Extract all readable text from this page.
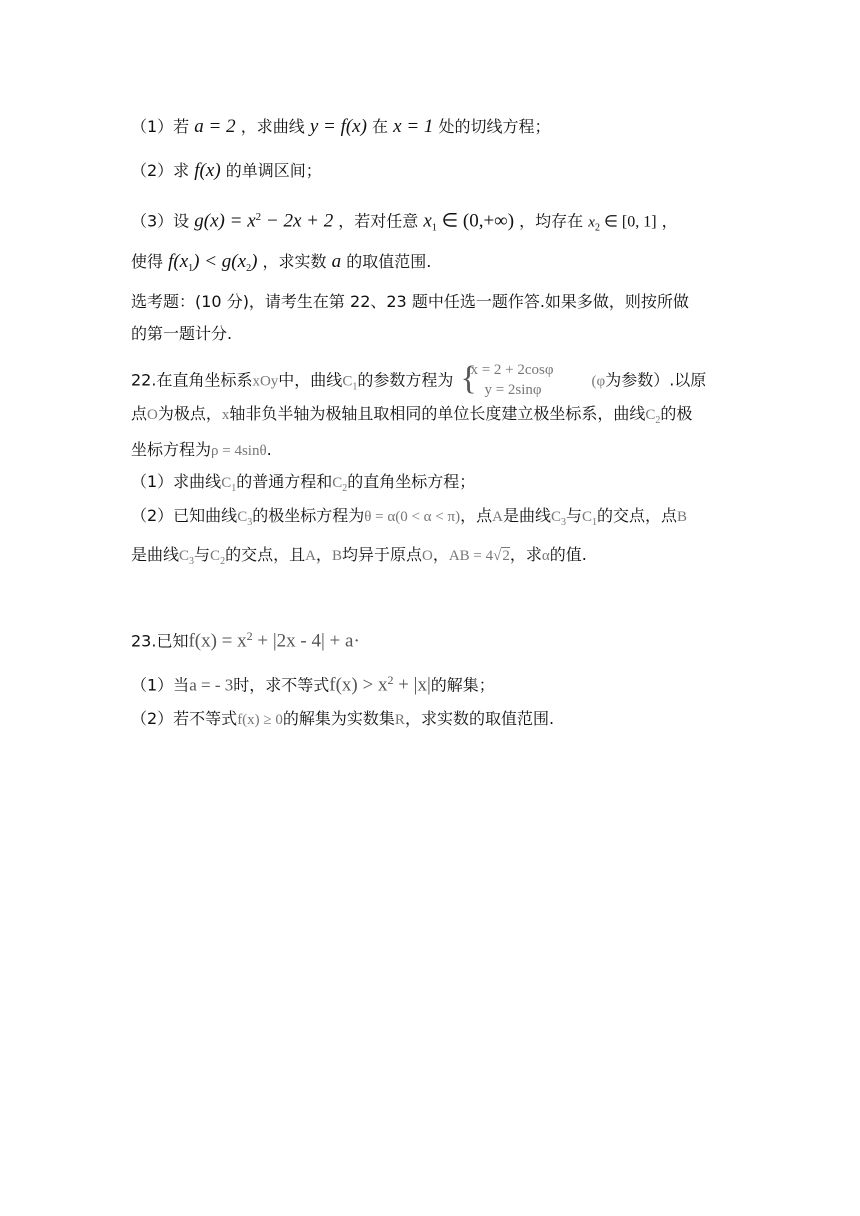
（1）若 a = 2 ，求曲线 y = f(x) 在 x = 1 处的切线方程；
（2）求 f(x) 的单调区间；
（3）设 $g(x) = x^2 - 2x + 2$ ，若对任意 $x_1$ ∈ (0,+∞) ，均存在 $x_2$ ∈ [0, 1] ，
使得 $f(x_1) < g(x_2)$ ，求实数 a 的取值范围.
选考题：(10 分)，请考生在第 22、23 题中任选一题作答.如果多做，则按所做
的第一题计分.
22.在直角坐标系xOy中，曲线$C_1$的参数方程为 {
x = 2 + 2cosφ
y = 2sinφ
(φ为参数）.以原
点O为极点，x轴非负半轴为极轴且取相同的单位长度建立极坐标系，曲线$C_2$的极
坐标方程为ρ = 4sinθ.
（1）求曲线$C_1$的普通方程和$C_2$的直角坐标方程；
（2）已知曲线$C_3$的极坐标方程为θ = α(0 < α < π)，点A是曲线$C_3$与$C_1$的交点，点B
是曲线$C_3$与$C_2$的交点，且A，B均异于原点O，AB = 4√2，求α的值.
23.已知$f(x) = x^2 + |2x - 4| + a\cdot$
（1）当a = - 3时，求不等式$f(x) > x^2 + |x|$的解集；
（2）若不等式f(x) ≥ 0的解集为实数集R，求实数的取值范围.
